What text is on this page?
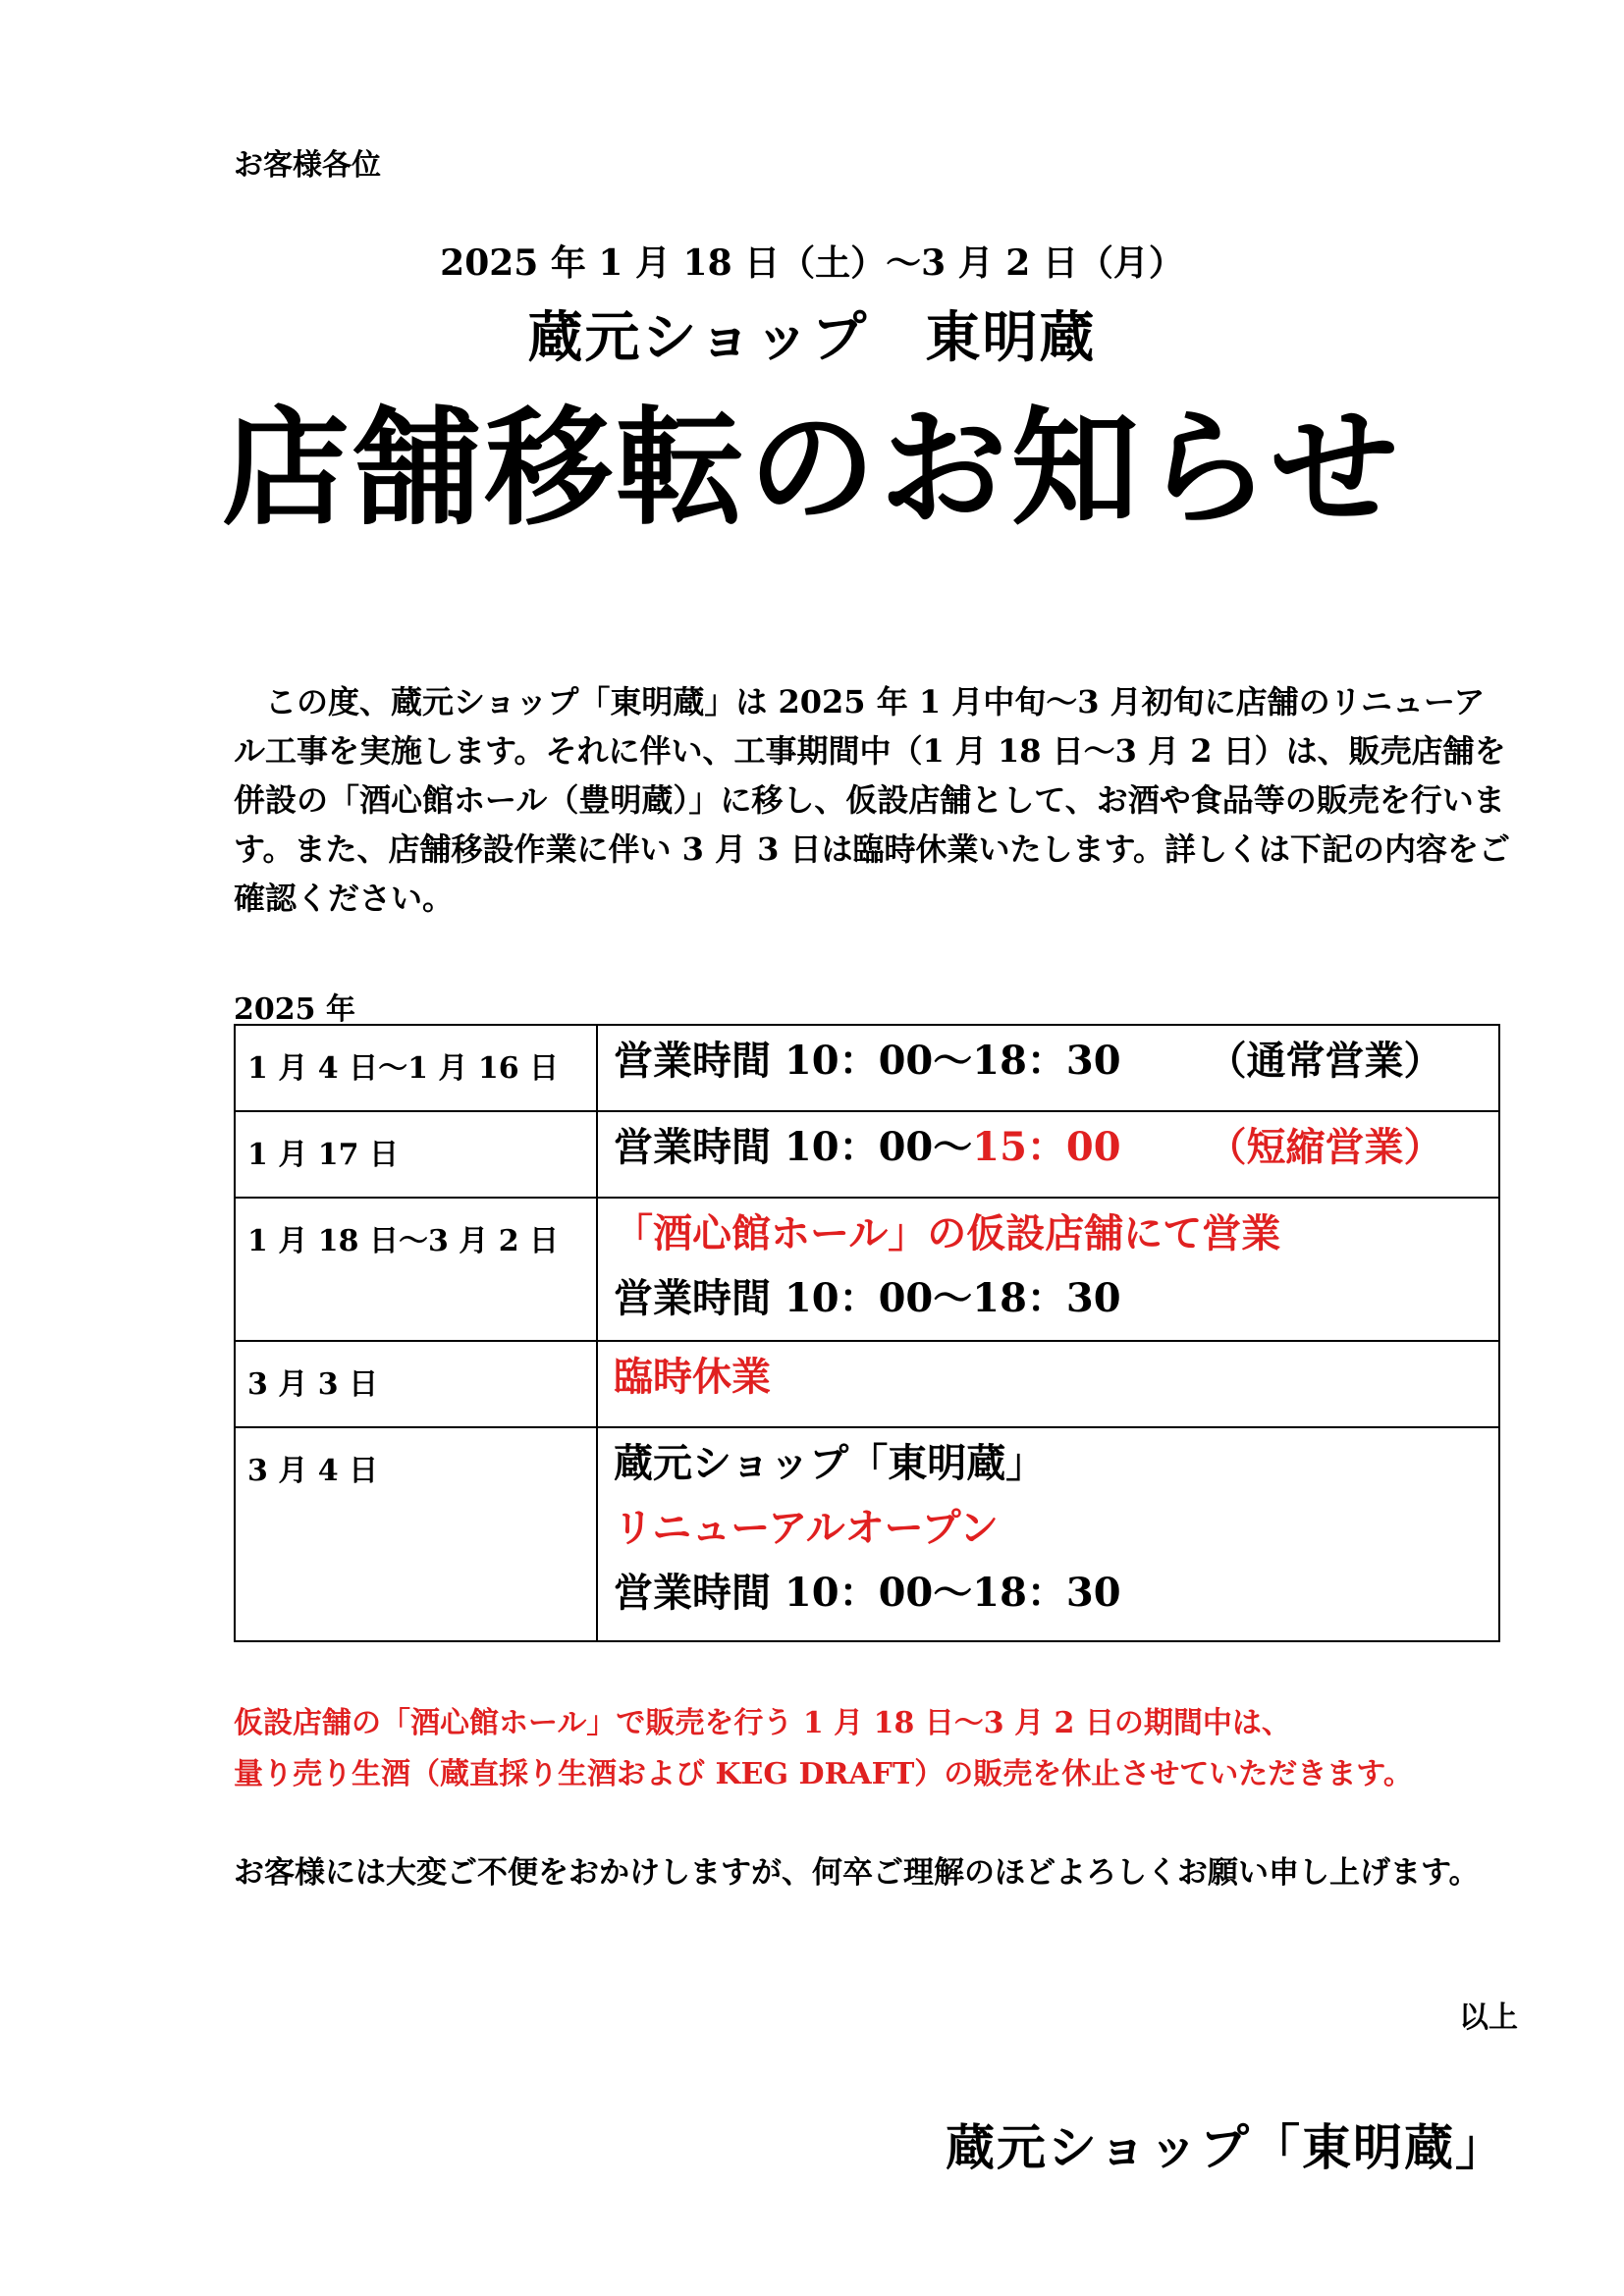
お客様各位
2025 年 1 月 18 日（土）～3 月 2 日（月）
蔵元ショップ　東明蔵
店舗移転のお知らせ

この度、蔵元ショップ「東明蔵」は 2025 年 1 月中旬～3 月初旬に店舗のリニューアル工事を実施します。それに伴い、工事期間中（1 月 18 日～3 月 2 日）は、販売店舗を併設の「酒心館ホール（豊明蔵）」に移し、仮設店舗として、お酒や食品等の販売を行います。また、店舗移設作業に伴い 3 月 3 日は臨時休業いたします。詳しくは下記の内容をご確認ください。

2025 年
1 月 4 日～1 月 16 日	営業時間 10：00～18：30 （通常営業）
1 月 17 日	営業時間 10：00～15：00 （短縮営業）
1 月 18 日～3 月 2 日	「酒心館ホール」の仮設店舗にて営業
営業時間 10：00～18：30

3 月 3 日	臨時休業

3 月 4 日	蔵元ショップ「東明蔵」
リニューアルオープン
営業時間 10：00～18：30

仮設店舗の「酒心館ホール」で販売を行う 1 月 18 日～3 月 2 日の期間中は、

量り売り生酒（蔵直採り生酒および KEG DRAFT）の販売を休止させていただきます。

お客様には大変ご不便をおかけしますが、何卒ご理解のほどよろしくお願い申し上げます。
以上
蔵元ショップ「東明蔵」
